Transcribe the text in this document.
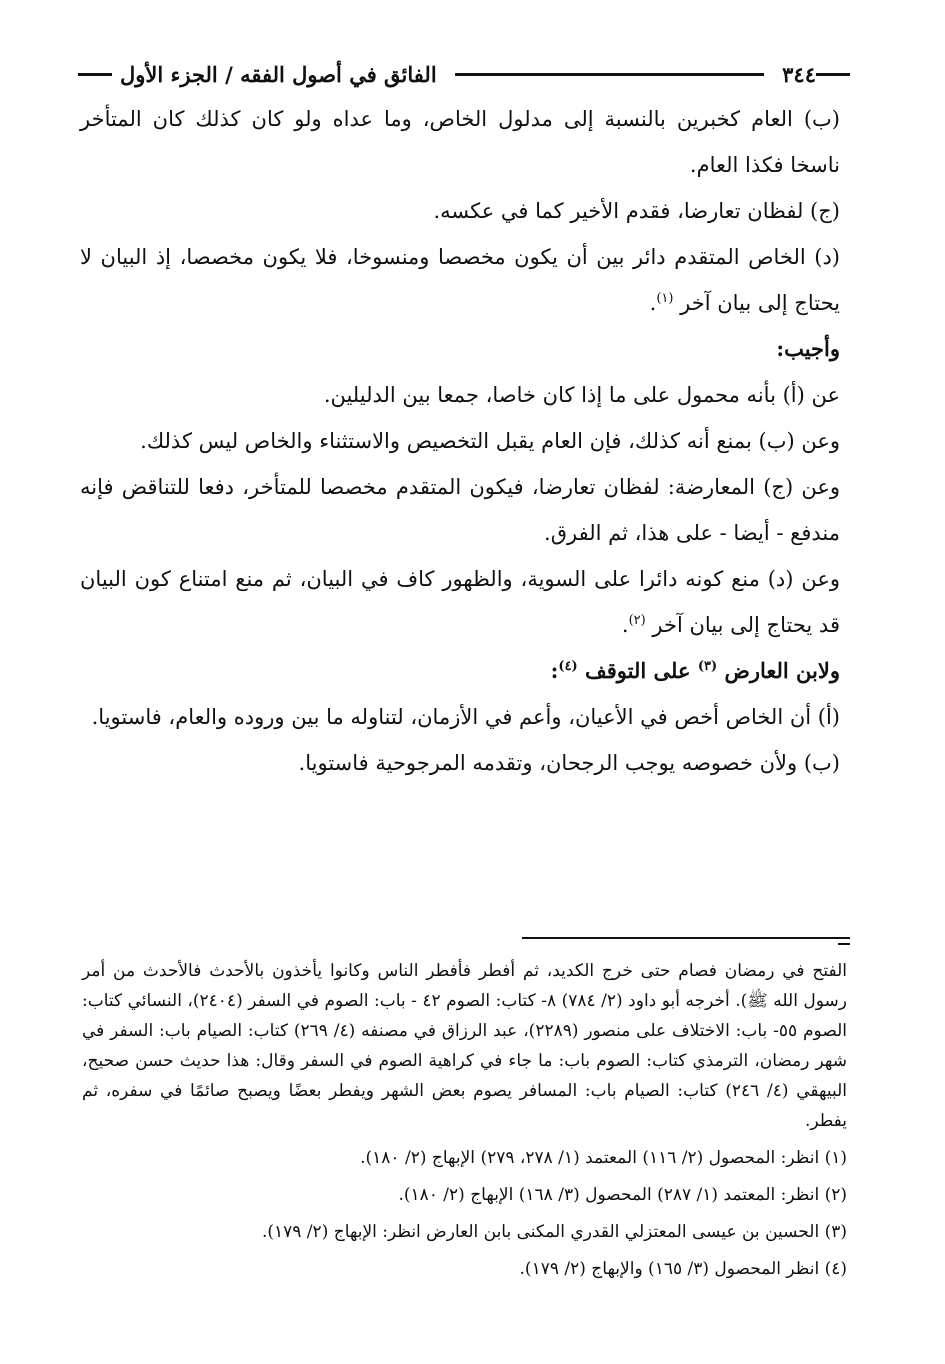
٣٤٤
الفائق في أصول الفقه / الجزء الأول

(ب) العام كخبرين بالنسبة إلى مدلول الخاص، وما عداه ولو كان كذلك كان المتأخر ناسخا فكذا العام.

(ج) لفظان تعارضا، فقدم الأخير كما في عكسه.

(د) الخاص المتقدم دائر بين أن يكون مخصصا ومنسوخا، فلا يكون مخصصا، إذ البيان لا يحتاج إلى بيان آخر $^{(١)}$.

وأجيب:

عن (أ) بأنه محمول على ما إذا كان خاصا، جمعا بين الدليلين.

وعن (ب) بمنع أنه كذلك، فإن العام يقبل التخصيص والاستثناء والخاص ليس كذلك.

وعن (ج) المعارضة: لفظان تعارضا، فيكون المتقدم مخصصا للمتأخر، دفعا للتناقض فإنه مندفع - أيضا - على هذا، ثم الفرق.

وعن (د) منع كونه دائرا على السوية، والظهور كاف في البيان، ثم منع امتناع كون البيان قد يحتاج إلى بيان آخر $^{(٢)}$.

ولابن العارض $^{(٣)}$ على التوقف $^{(٤)}$:

(أ) أن الخاص أخص في الأعيان، وأعم في الأزمان، لتناوله ما بين وروده والعام، فاستويا.

(ب) ولأن خصوصه يوجب الرجحان، وتقدمه المرجوحية فاستويا.

الفتح في رمضان فصام حتى خرج الكديد، ثم أفطر فأفطر الناس وكانوا يأخذون بالأحدث فالأحدث من أمر رسول الله ﷺ). أخرجه أبو داود (٢/ ٧٨٤) ٨- كتاب: الصوم ٤٢ - باب: الصوم في السفر (٢٤٠٤)، النسائي كتاب: الصوم ٥٥- باب: الاختلاف على منصور (٢٢٨٩)، عبد الرزاق في مصنفه (٤/ ٢٦٩) كتاب: الصيام باب: السفر في شهر رمضان، الترمذي كتاب: الصوم باب: ما جاء في كراهية الصوم في السفر وقال: هذا حديث حسن صحيح، البيهقي (٤/ ٢٤٦) كتاب: الصيام باب: المسافر يصوم بعض الشهر ويفطر بعضًا ويصبح صائمًا في سفره، ثم يفطر.

(١) انظر: المحصول (٢/ ١١٦) المعتمد (١/ ٢٧٨، ٢٧٩) الإبهاج (٢/ ١٨٠).

(٢) انظر: المعتمد (١/ ٢٨٧) المحصول (٣/ ١٦٨) الإبهاج (٢/ ١٨٠).

(٣) الحسين بن عيسى المعتزلي القدري المكنى بابن العارض انظر: الإبهاج (٢/ ١٧٩).

(٤) انظر المحصول (٣/ ١٦٥) والإبهاج (٢/ ١٧٩).
